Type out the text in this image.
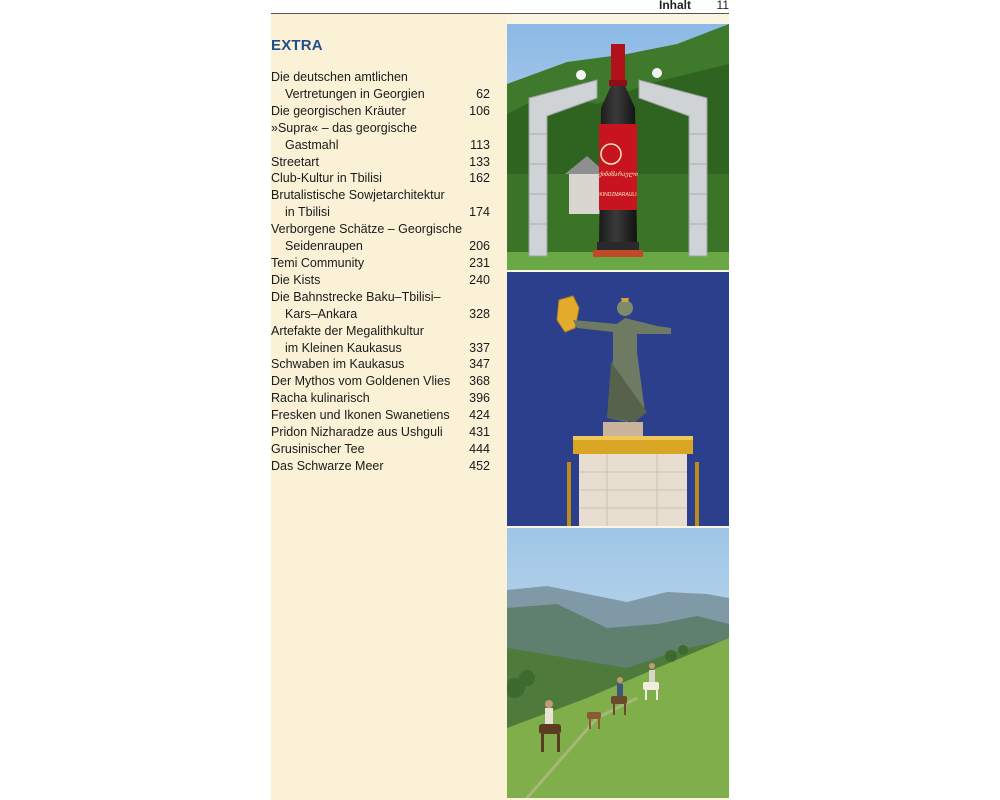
Inhalt 11
EXTRA
Die deutschen amtlichen
Vertretungen in Georgien	62
Die georgischen Kräuter	106
»Supra« – das georgische
Gastmahl	113
Streetart	133
Club-Kultur in Tbilisi	162
Brutalistische Sowjetarchitektur
in Tbilisi	174
Verborgene Schätze – Georgische
Seidenraupen	206
Temi Community	231
Die Kists	240
Die Bahnstrecke Baku–Tbilisi–
Kars–Ankara	328
Artefakte der Megalithkultur
im Kleinen Kaukasus	337
Schwaben im Kaukasus	347
Der Mythos vom Goldenen Vlies	368
Racha kulinarisch	396
Fresken und Ikonen Swanetiens	424
Pridon Nizharadze aus Ushguli	431
Grusinischer Tee	444
Das Schwarze Meer	452
ქინძმარაული
KINDZMARAULI
